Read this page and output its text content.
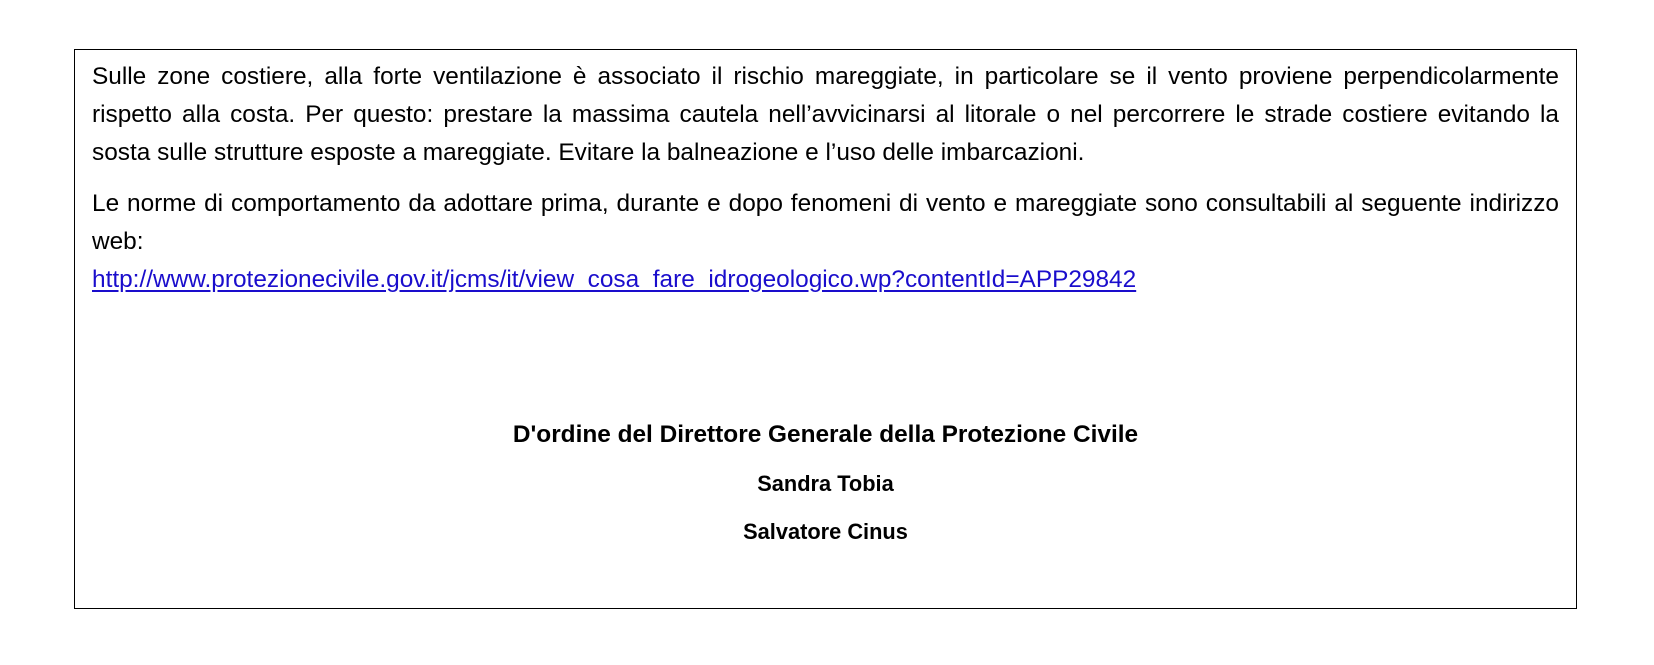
Sulle zone costiere, alla forte ventilazione è associato il rischio mareggiate, in particolare se il vento proviene perpendicolarmente rispetto alla costa. Per questo: prestare la massima cautela nell’avvicinarsi al litorale o nel percorrere le strade costiere evitando la sosta sulle strutture esposte a mareggiate. Evitare la balneazione e l’uso delle imbarcazioni.

Le norme di comportamento da adottare prima, durante e dopo fenomeni di vento e mareggiate sono consultabili al seguente indirizzo web:
http://www.protezionecivile.gov.it/jcms/it/view_cosa_fare_idrogeologico.wp?contentId=APP29842

D'ordine del Direttore Generale della Protezione Civile

Sandra Tobia

Salvatore Cinus
